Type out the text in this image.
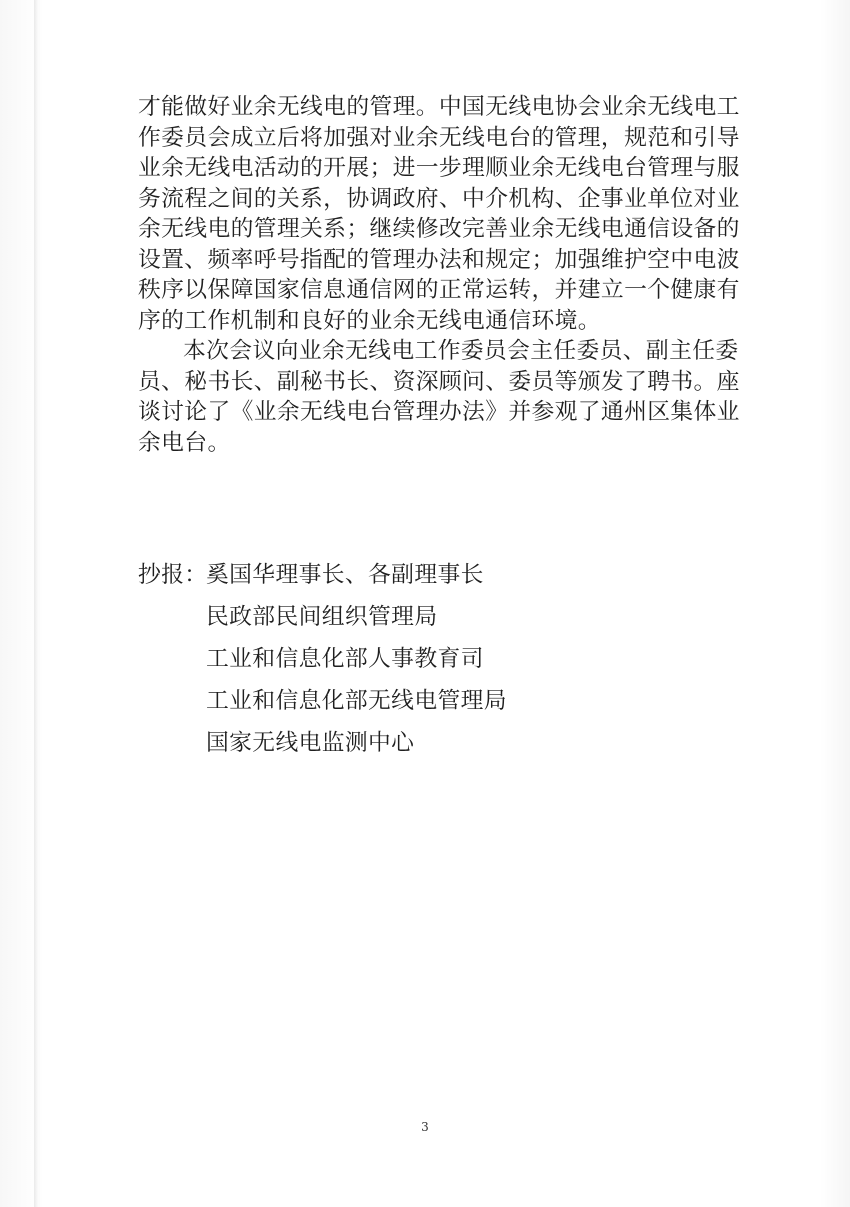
才能做好业余无线电的管理。中国无线电协会业余无线电工
作委员会成立后将加强对业余无线电台的管理，规范和引导
业余无线电活动的开展；进一步理顺业余无线电台管理与服
务流程之间的关系，协调政府、中介机构、企事业单位对业
余无线电的管理关系；继续修改完善业余无线电通信设备的
设置、频率呼号指配的管理办法和规定；加强维护空中电波
秩序以保障国家信息通信网的正常运转，并建立一个健康有
序的工作机制和良好的业余无线电通信环境。
本次会议向业余无线电工作委员会主任委员、副主任委
员、秘书长、副秘书长、资深顾问、委员等颁发了聘书。座
谈讨论了《业余无线电台管理办法》并参观了通州区集体业
余电台。
抄报：
奚国华理事长、各副理事长
民政部民间组织管理局
工业和信息化部人事教育司
工业和信息化部无线电管理局
国家无线电监测中心
3
